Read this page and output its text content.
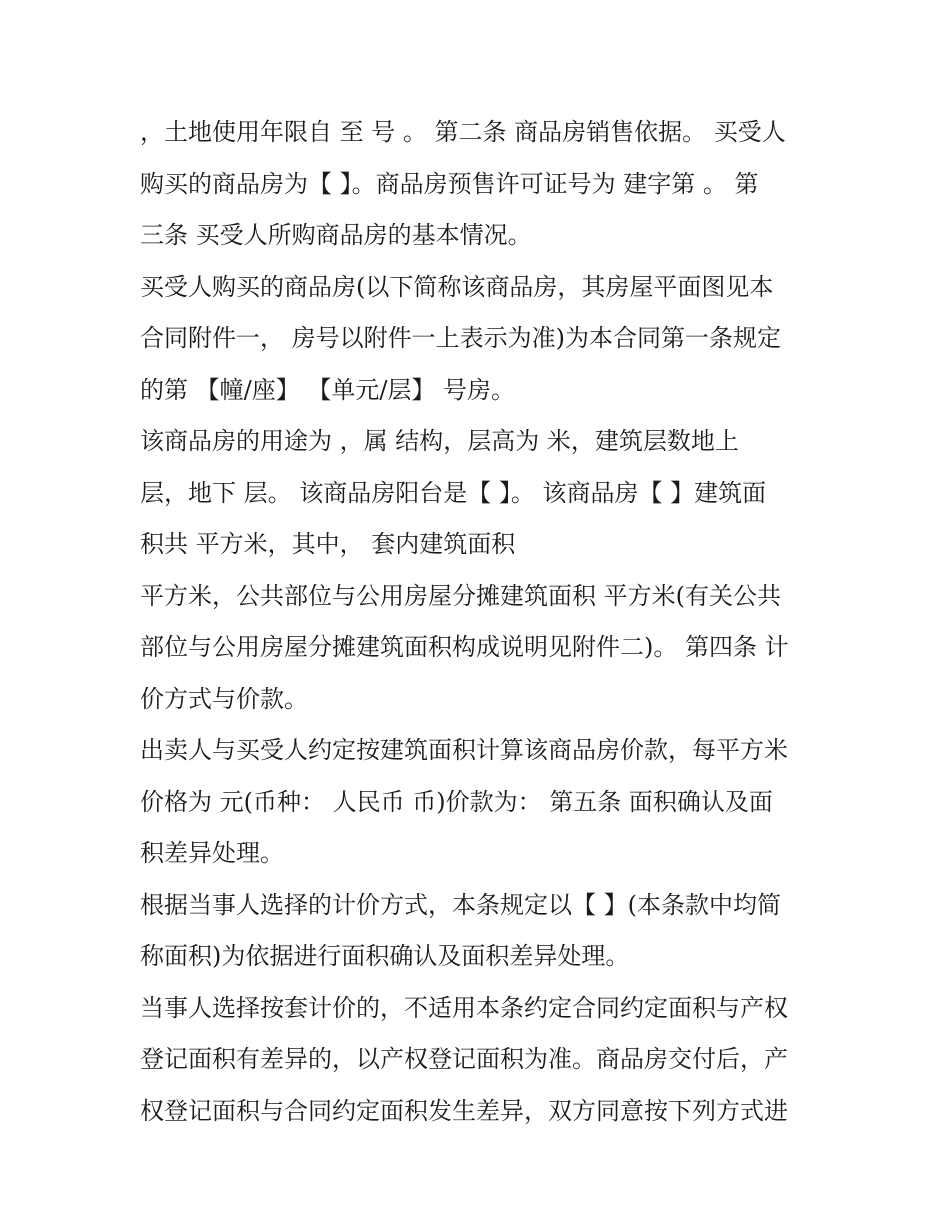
，土地使用年限自 至 号 。 第二条 商品房销售依据。 买受人
购买的商品房为【 】。商品房预售许可证号为 建字第 。 第
三条 买受人所购商品房的基本情况。
买受人购买的商品房(以下简称该商品房，其房屋平面图见本
合同附件一， 房号以附件一上表示为准)为本合同第一条规定
的第 【幢/座】 【单元/层】 号房。
该商品房的用途为 ，属 结构，层高为 米，建筑层数地上
层，地下 层。 该商品房阳台是【 】。 该商品房【 】建筑面
积共 平方米，其中， 套内建筑面积
平方米，公共部位与公用房屋分摊建筑面积 平方米(有关公共
部位与公用房屋分摊建筑面积构成说明见附件二)。 第四条 计
价方式与价款。
出卖人与买受人约定按建筑面积计算该商品房价款，每平方米
价格为 元(币种： 人民币 币)价款为： 第五条 面积确认及面
积差异处理。
根据当事人选择的计价方式，本条规定以【 】(本条款中均简
称面积)为依据进行面积确认及面积差异处理。
当事人选择按套计价的，不适用本条约定合同约定面积与产权
登记面积有差异的，以产权登记面积为准。商品房交付后，产
权登记面积与合同约定面积发生差异，双方同意按下列方式进
